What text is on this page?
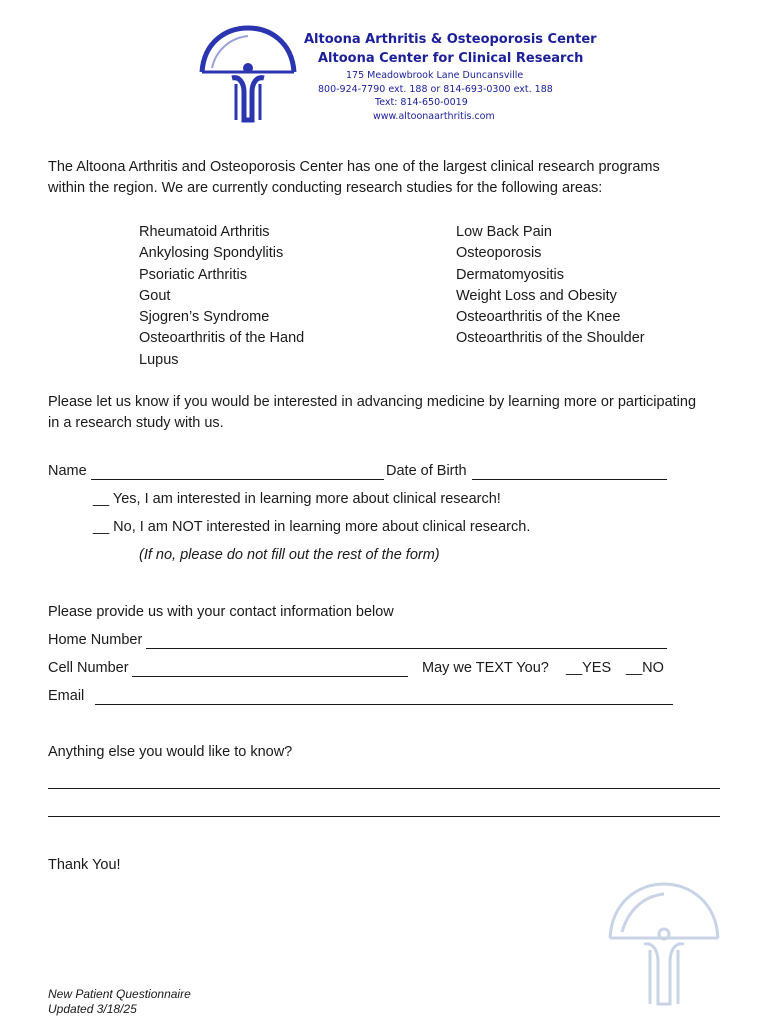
Altoona Arthritis & Osteoporosis Center
Altoona Center for Clinical Research
175 Meadowbrook Lane Duncansville
800-924-7790 ext. 188 or 814-693-0300 ext. 188
Text: 814-650-0019
www.altoonaarthritis.com
The Altoona Arthritis and Osteoporosis Center has one of the largest clinical research programs
within the region. We are currently conducting research studies for the following areas:
Rheumatoid Arthritis
Ankylosing Spondylitis
Psoriatic Arthritis
Gout
Sjogren’s Syndrome
Osteoarthritis of the Hand
Lupus
Low Back Pain
Osteoporosis
Dermatomyositis
Weight Loss and Obesity
Osteoarthritis of the Knee
Osteoarthritis of the Shoulder
Please let us know if you would be interested in advancing medicine by learning more or participating
in a research study with us.
Name	Date of Birth
__ Yes, I am interested in learning more about clinical research!
__ No, I am NOT interested in learning more about clinical research.
(If no, please do not fill out the rest of the form)
Please provide us with your contact information below
Home Number
Cell Number	May we TEXT You? __YES __NO
Email
Anything else you would like to know?
Thank You!
New Patient Questionnaire
Updated 3/18/25
